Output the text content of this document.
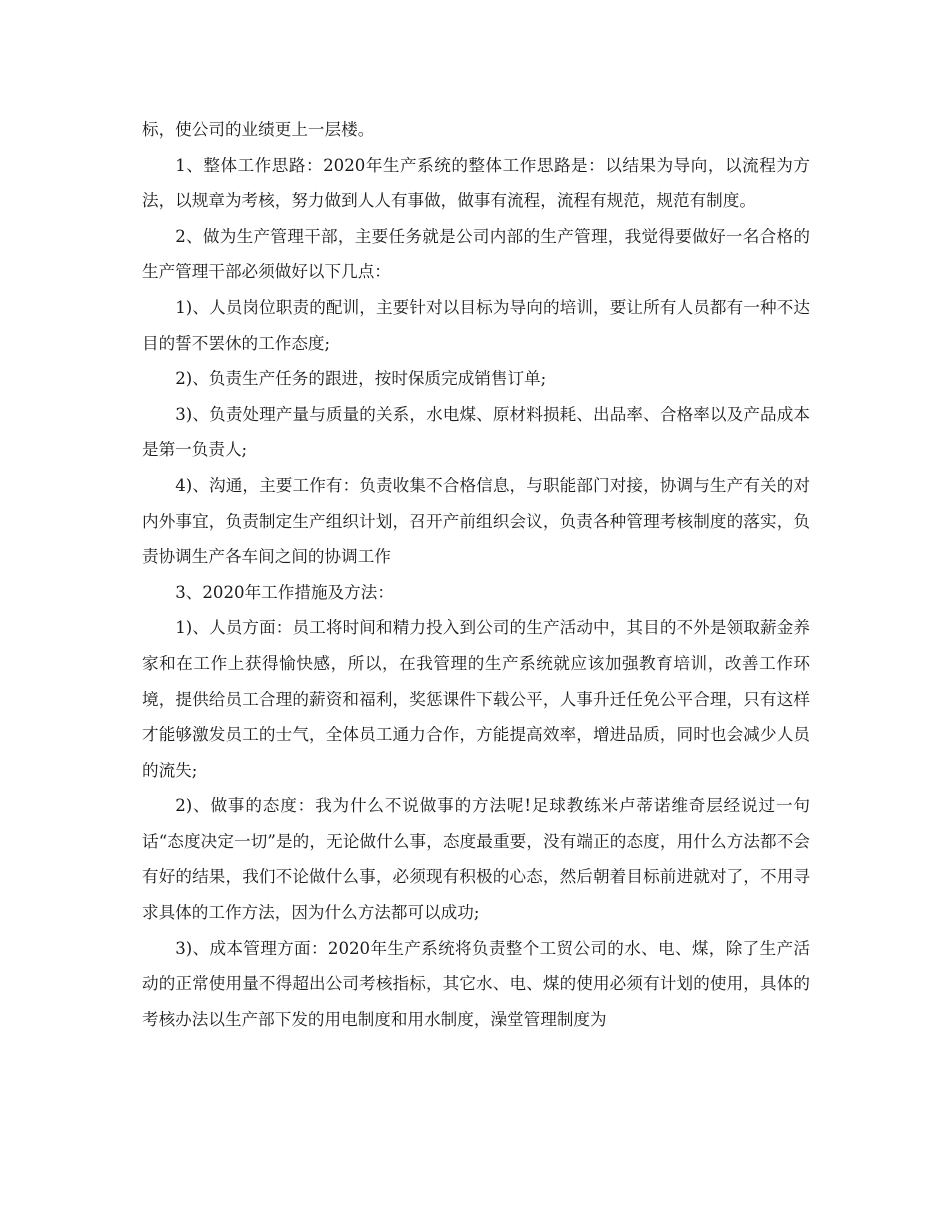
标，使公司的业绩更上一层楼。

1、整体工作思路：2020年生产系统的整体工作思路是：以结果为导向，以流程为方法，以规章为考核，努力做到人人有事做，做事有流程，流程有规范，规范有制度。

2、做为生产管理干部，主要任务就是公司内部的生产管理，我觉得要做好一名合格的生产管理干部必须做好以下几点：

1)、人员岗位职责的配训，主要针对以目标为导向的培训，要让所有人员都有一种不达目的誓不罢休的工作态度;

2)、负责生产任务的跟进，按时保质完成销售订单;

3)、负责处理产量与质量的关系，水电煤、原材料损耗、出品率、合格率以及产品成本是第一负责人;

4)、沟通，主要工作有：负责收集不合格信息，与职能部门对接，协调与生产有关的对内外事宜，负责制定生产组织计划，召开产前组织会议，负责各种管理考核制度的落实，负责协调生产各车间之间的协调工作

3、2020年工作措施及方法：

1)、人员方面：员工将时间和精力投入到公司的生产活动中，其目的不外是领取薪金养家和在工作上获得愉快感，所以，在我管理的生产系统就应该加强教育培训，改善工作环境，提供给员工合理的薪资和福利，奖惩课件下载公平，人事升迁任免公平合理，只有这样才能够激发员工的士气，全体员工通力合作，方能提高效率，增进品质，同时也会减少人员的流失;

2)、做事的态度：我为什么不说做事的方法呢!足球教练米卢蒂诺维奇层经说过一句话“态度决定一切”是的，无论做什么事，态度最重要，没有端正的态度，用什么方法都不会有好的结果，我们不论做什么事，必须现有积极的心态，然后朝着目标前进就对了，不用寻求具体的工作方法，因为什么方法都可以成功;

3)、成本管理方面：2020年生产系统将负责整个工贸公司的水、电、煤，除了生产活动的正常使用量不得超出公司考核指标，其它水、电、煤的使用必须有计划的使用，具体的考核办法以生产部下发的用电制度和用水制度，澡堂管理制度为
